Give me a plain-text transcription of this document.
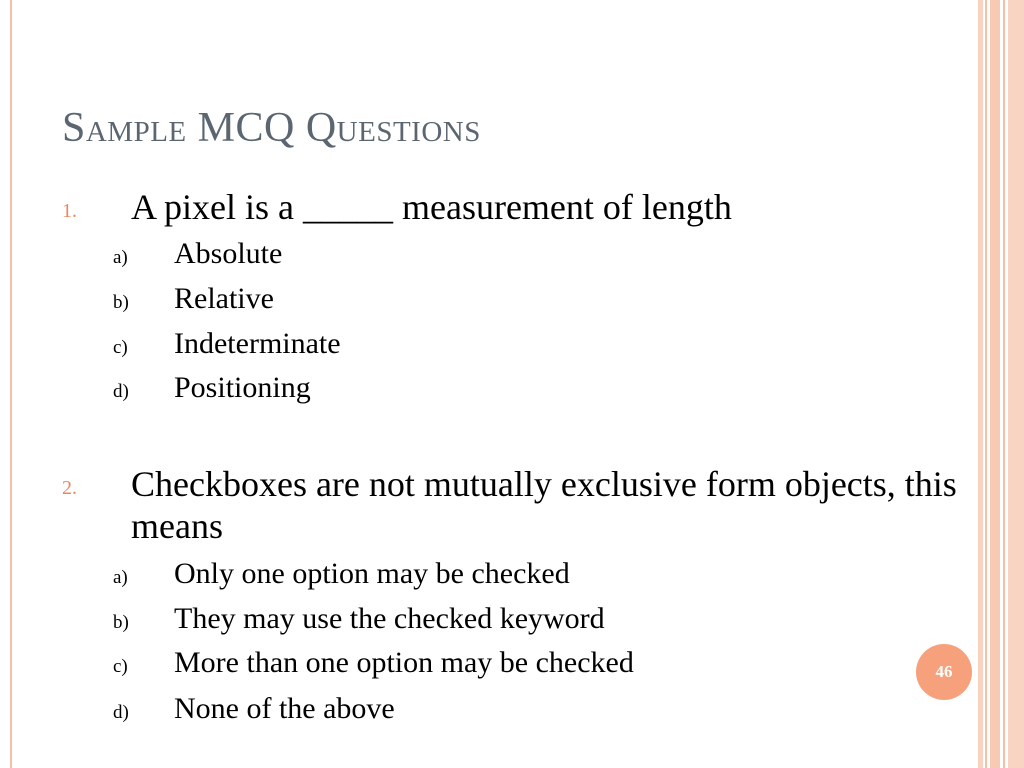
Sample MCQ Questions
1. A pixel is a _____ measurement of length
a) Absolute
b) Relative
c) Indeterminate
d) Positioning
2. Checkboxes are not mutually exclusive form objects, this means
a) Only one option may be checked
b) They may use the checked keyword
c) More than one option may be checked
d) None of the above
46
